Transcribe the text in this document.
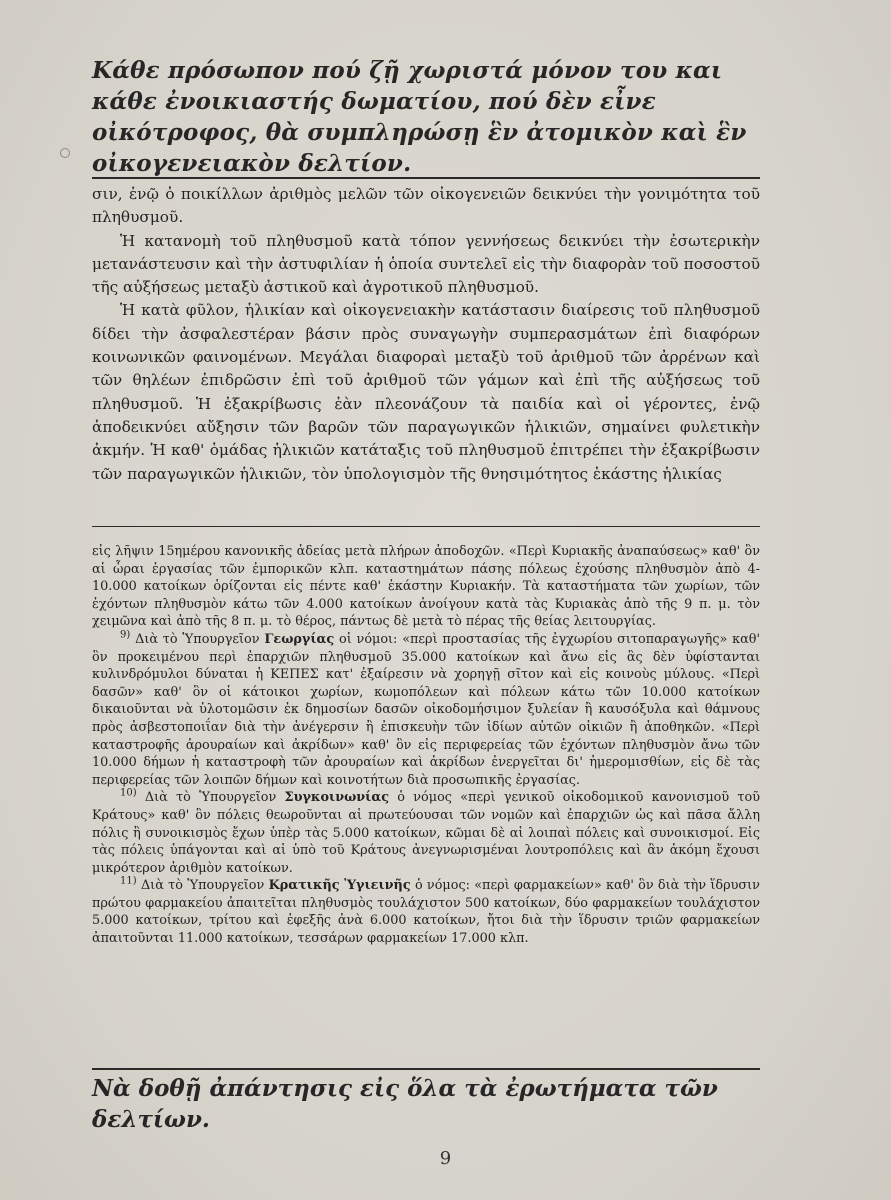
Κάθε πρόσωπον πού ζῇ χωριστά μόνον του και κάθε ἐνοικιαστής δωματίου, πού δὲν εἶνε οἰκότροφος, θὰ συμπληρώσῃ ἓν ἀτομικὸν καὶ ἓν οἰκογενειακὸν δελτίον.

σιν, ἐνῷ ὁ ποικίλλων ἀριθμὸς μελῶν τῶν οἰκογενειῶν δεικνύει τὴν γονιμότητα τοῦ πληθυσμοῦ.

Ἡ κατανομὴ τοῦ πληθυσμοῦ κατὰ τόπον γεννήσεως δεικνύει τὴν ἐσωτερικὴν μετανάστευσιν καὶ τὴν ἀστυφιλίαν ἡ ὁποία συντελεῖ εἰς τὴν διαφορὰν τοῦ ποσοστοῦ τῆς αὐξήσεως μεταξὺ ἀστικοῦ καὶ ἀγροτικοῦ πληθυσμοῦ.

Ἡ κατὰ φῦλον, ἡλικίαν καὶ οἰκογενειακὴν κατάστασιν διαίρεσις τοῦ πληθυσμοῦ δίδει τὴν ἀσφαλεστέραν βάσιν πρὸς συναγωγὴν συμπερασμάτων ἐπὶ διαφόρων κοινωνικῶν φαινομένων. Μεγάλαι διαφοραὶ μεταξὺ τοῦ ἀριθμοῦ τῶν ἀρρένων καὶ τῶν θηλέων ἐπιδρῶσιν ἐπὶ τοῦ ἀριθμοῦ τῶν γάμων καὶ ἐπὶ τῆς αὐξήσεως τοῦ πληθυσμοῦ. Ἡ ἐξακρίβωσις ἐὰν πλεονάζουν τὰ παιδία καὶ οἱ γέροντες, ἐνῷ ἀποδεικνύει αὔξησιν τῶν βαρῶν τῶν παραγωγικῶν ἡλικιῶν, σημαίνει φυλετικὴν ἀκμήν. Ἡ καθ' ὁμάδας ἡλικιῶν κατάταξις τοῦ πληθυσμοῦ ἐπιτρέπει τὴν ἐξακρίβωσιν τῶν παραγωγικῶν ἡλικιῶν, τὸν ὑπολογισμὸν τῆς θνησιμότητος ἑκάστης ἡλικίας

εἰς λῆψιν 15ημέρου κανονικῆς ἀδείας μετὰ πλήρων ἀποδοχῶν. «Περὶ Κυριακῆς ἀναπαύσεως» καθ' ὃν αἱ ὧραι ἐργασίας τῶν ἐμπορικῶν κλπ. καταστημάτων πάσης πόλεως ἐχούσης πληθυσμὸν ἀπὸ 4-10.000 κατοίκων ὁρίζονται εἰς πέντε καθ' ἑκάστην Κυριακήν. Τὰ καταστήματα τῶν χωρίων, τῶν ἐχόντων πληθυσμὸν κάτω τῶν 4.000 κατοίκων ἀνοίγουν κατὰ τὰς Κυριακὰς ἀπὸ τῆς 9 π. μ. τὸν χειμῶνα καὶ ἀπὸ τῆς 8 π. μ. τὸ θέρος, πάντως δὲ μετὰ τὸ πέρας τῆς θείας λειτουργίας.

$^{9)}$ Διὰ τὸ Ὑπουργεῖον Γεωργίας οἱ νόμοι: «περὶ προστασίας τῆς ἐγχωρίου σιτοπαραγωγῆς» καθ' ὃν προκειμένου περὶ ἐπαρχιῶν πληθυσμοῦ 35.000 κατοίκων καὶ ἄνω εἰς ἃς δὲν ὑφίστανται κυλινδρόμυλοι δύναται ἡ ΚΕΠΕΣ κατ' ἐξαίρεσιν νὰ χορηγῇ σῖτον καὶ εἰς κοινοὺς μύλους. «Περὶ δασῶν» καθ' ὃν οἱ κάτοικοι χωρίων, κωμοπόλεων καὶ πόλεων κάτω τῶν 10.000 κατοίκων δικαιοῦνται νὰ ὑλοτομῶσιν ἐκ δημοσίων δασῶν οἰκοδομήσιμον ξυλείαν ἢ καυσόξυλα καὶ θάμνους πρὸς ἀσβεστοποιΐαν διὰ τὴν ἀνέγερσιν ἢ ἐπισκευὴν τῶν ἰδίων αὐτῶν οἰκιῶν ἢ ἀποθηκῶν. «Περὶ καταστροφῆς ἀρουραίων καὶ ἀκρίδων» καθ' ὃν εἰς περιφερείας τῶν ἐχόντων πληθυσμὸν ἄνω τῶν 10.000 δήμων ἡ καταστροφὴ τῶν ἀρουραίων καὶ ἀκρίδων ἐνεργεῖται δι' ἡμερομισθίων, εἰς δὲ τὰς περιφερείας τῶν λοιπῶν δήμων καὶ κοινοτήτων διὰ προσωπικῆς ἐργασίας.

$^{10)}$ Διὰ τὸ Ὑπουργεῖον Συγκοινωνίας ὁ νόμος «περὶ γενικοῦ οἰκοδομικοῦ κανονισμοῦ τοῦ Κράτους» καθ' ὃν πόλεις θεωροῦνται αἱ πρωτεύουσαι τῶν νομῶν καὶ ἐπαρχιῶν ὡς καὶ πᾶσα ἄλλη πόλις ἢ συνοικισμὸς ἔχων ὑπὲρ τὰς 5.000 κατοίκων, κῶμαι δὲ αἱ λοιπαὶ πόλεις καὶ συνοικισμοί. Εἰς τὰς πόλεις ὑπάγονται καὶ αἱ ὑπὸ τοῦ Κράτους ἀνεγνωρισμέναι λουτροπόλεις καὶ ἂν ἀκόμη ἔχουσι μικρότερον ἀριθμὸν κατοίκων.

$^{11)}$ Διὰ τὸ Ὑπουργεῖον Κρατικῆς Ὑγιεινῆς ὁ νόμος: «περὶ φαρμακείων» καθ' ὃν διὰ τὴν ἵδρυσιν πρώτου φαρμακείου ἀπαιτεῖται πληθυσμὸς τουλάχιστον 500 κατοίκων, δύο φαρμακείων τουλάχιστον 5.000 κατοίκων, τρίτου καὶ ἐφεξῆς ἀνὰ 6.000 κατοίκων, ἤτοι διὰ τὴν ἵδρυσιν τριῶν φαρμακείων ἀπαιτοῦνται 11.000 κατοίκων, τεσσάρων φαρμακείων 17.000 κλπ.

Νὰ δοθῇ ἀπάντησις εἰς ὅλα τὰ ἐρωτήματα τῶν δελτίων.
9
